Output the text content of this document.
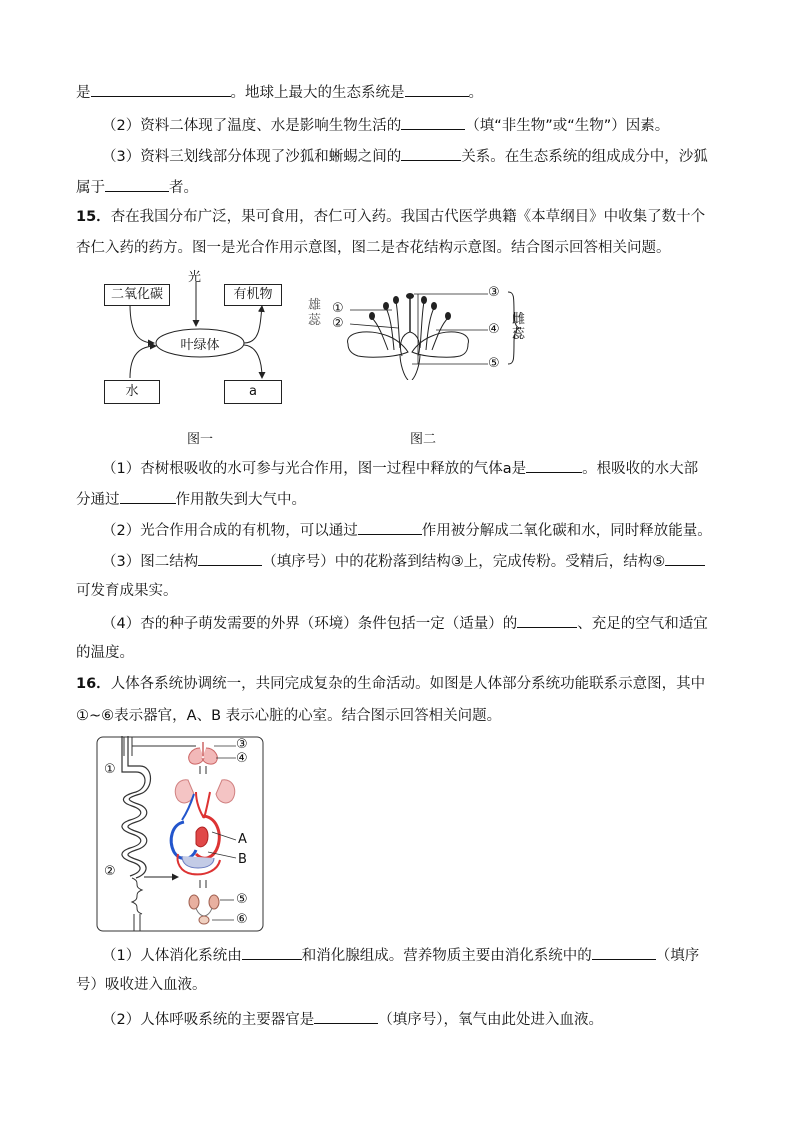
是	。地球上最大的生态系统是	。
（2）资料二体现了温度、水是影响生物生活的	（填“非生物”或“生物”）因素。
（3）资料三划线部分体现了沙狐和蜥蜴之间的	关系。在生态系统的组成成分中，沙狐
属于	者。
15．杏在我国分布广泛，果可食用，杏仁可入药。我国古代医学典籍《本草纲目》中收集了数十个
杏仁入药的药方。图一是光合作用示意图，图二是杏花结构示意图。结合图示回答相关问题。
二氧化碳
光
有机物
叶绿体
水	a
图一
雄蕊
①
②
③
④
⑤
雌蕊
图二
（1）杏树根吸收的水可参与光合作用，图一过程中释放的气体a是	。根吸收的水大部
分通过	作用散失到大气中。
（2）光合作用合成的有机物，可以通过	作用被分解成二氧化碳和水，同时释放能量。
（3）图二结构	（填序号）中的花粉落到结构③上，完成传粉。受精后，结构⑤
可发育成果实。
（4）杏的种子萌发需要的外界（环境）条件包括一定（适量）的	、充足的空气和适宜
的温度。
16．人体各系统协调统一，共同完成复杂的生命活动。如图是人体部分系统功能联系示意图，其中
①~⑥表示器官，A、B 表示心脏的心室。结合图示回答相关问题。
①
②
③
④
A
B
⑤
⑥
（1）人体消化系统由	和消化腺组成。营养物质主要由消化系统中的	（填序
号）吸收进入血液。
（2）人体呼吸系统的主要器官是	（填序号），氧气由此处进入血液。
